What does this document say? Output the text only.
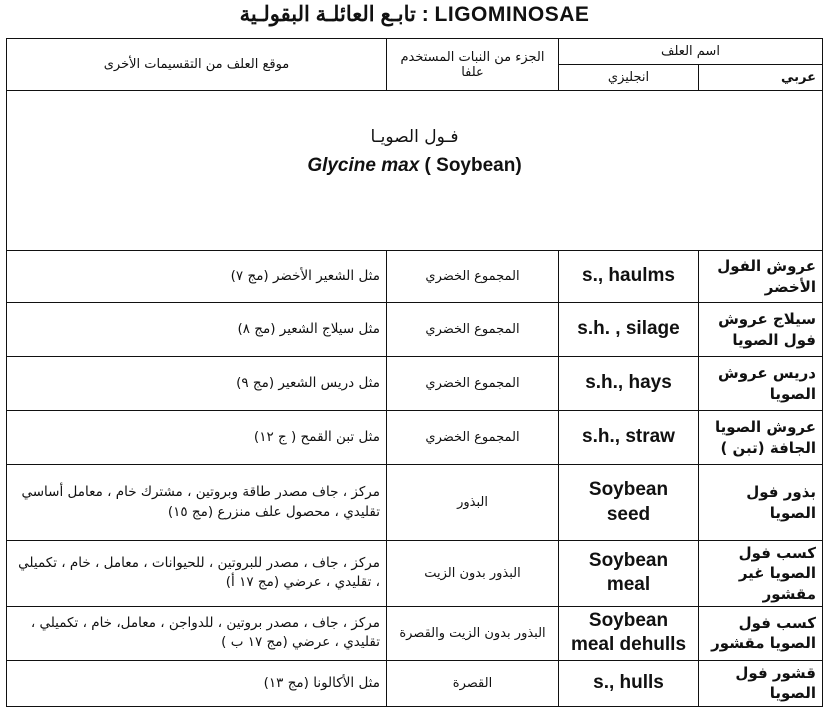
تابـع العائلـة البقولـية : LIGOMINOSAE
اسم العلف		الجزء من النبات المستخدم علفا	موقع العلف من التقسيمات الأخرى
عربي	انجليزي		

فـول الصويـا
Glycine max ( Soybean)			

عروش الفول الأخضر	s., haulms	المجموع الخضري	مثل الشعير الأخضر (مج ٧)
سيلاج عروش فول الصويا	s.h. , silage	المجموع الخضري	مثل سيلاج الشعير (مج ٨)
دريس عروش الصويا	s.h., hays	المجموع الخضري	مثل دريس الشعير (مج ٩)
عروش الصويا الجافة (تبن )	s.h., straw	المجموع الخضري	مثل تبن القمح ( ج ١٢)
بذور فول الصويا	Soybean seed	البذور	مركز ، جاف مصدر طاقة وبروتين ، مشترك خام ، معامل أساسي تقليدي ، محصول علف منزرع (مج ١٥)
كسب فول الصويا غير مقشور	Soybean meal	البذور بدون الزيت	مركز ، جاف ، مصدر للبروتين ، للحيوانات ، معامل ، خام ، تكميلي ، تقليدي ، عرضي (مج ١٧ أ)
كسب فول الصويا مقشور	Soybean meal dehulls	البذور بدون الزيت والقصرة	مركز ، جاف ، مصدر بروتين ، للدواجن ، معامل، خام ، تكميلي ، تقليدي ، عرضي (مج ١٧ ب )
قشور فول الصويا	s., hulls	القصرة	مثل الأكالونا (مج ١٣)
